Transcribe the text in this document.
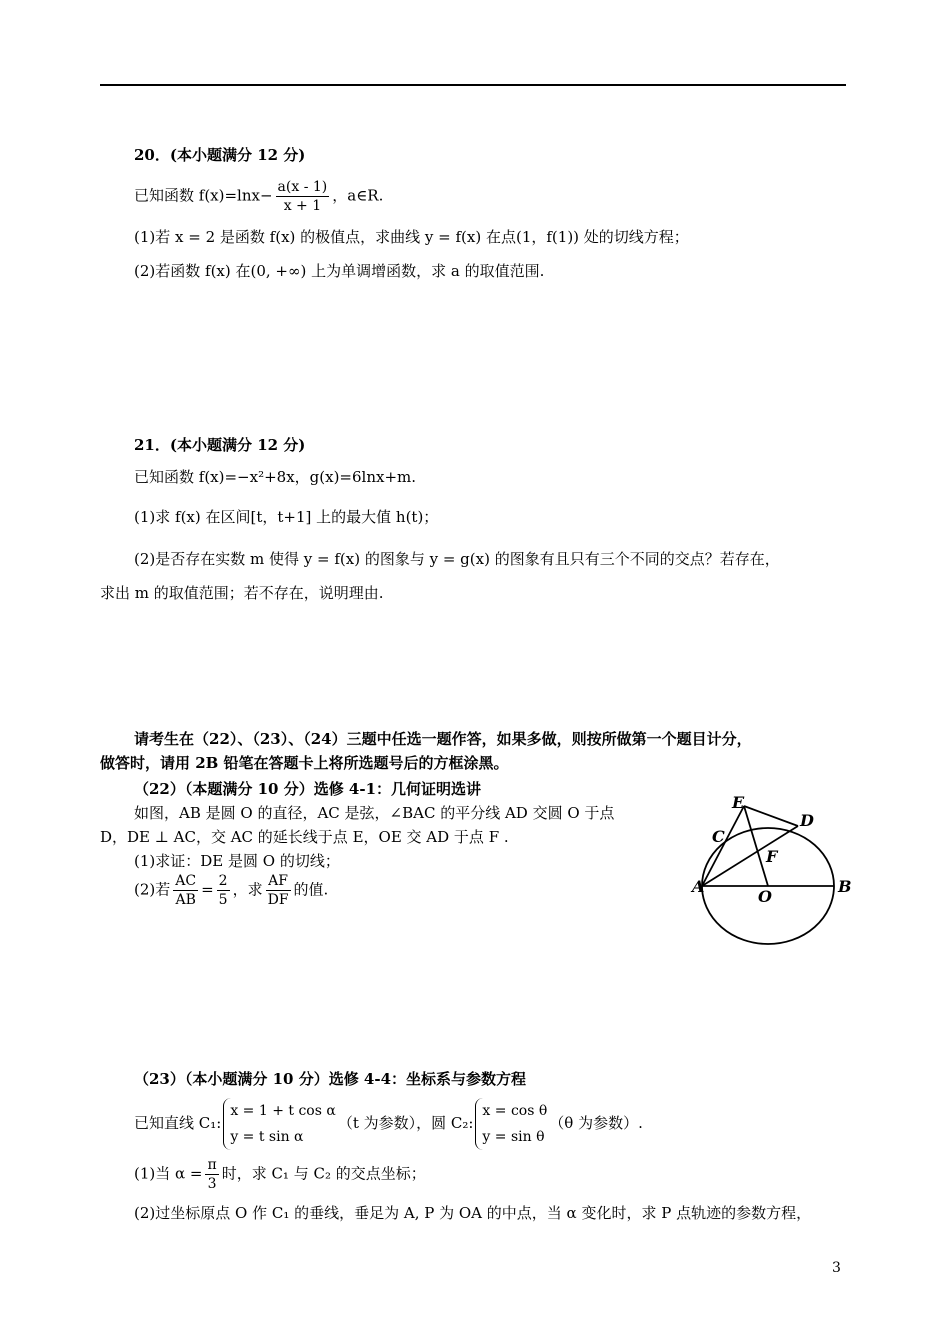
20．(本小题满分 12 分)
已知函数 $f(x)=\ln x- \frac{a(x - 1)}{x + 1}$ ，a∈R.
(1)若 x = 2 是函数 f(x) 的极值点，求曲线 y = f(x) 在点(1，f(1)) 处的切线方程；
(2)若函数 f(x) 在(0, +∞) 上为单调增函数，求 a 的取值范围.
21．(本小题满分 12 分)
已知函数 f(x)=−x²+8x，g(x)=6lnx+m.
(1)求 f(x) 在区间[t，t+1] 上的最大值 h(t)；
(2)是否存在实数 m 使得 y = f(x) 的图象与 y = g(x) 的图象有且只有三个不同的交点？若存在，
求出 m 的取值范围；若不存在，说明理由.
请考生在（22）、（23）、（24）三题中任选一题作答，如果多做，则按所做第一个题目计分，
做答时，请用 2B 铅笔在答题卡上将所选题号后的方框涂黑。
（22）（本题满分 10 分）选修 4-1：几何证明选讲
如图，AB 是圆 O 的直径，AC 是弦，∠BAC 的平分线 AD 交圆 O 于点
D，DE ⊥ AC，交 AC 的延长线于点 E，OE 交 AD 于点 F .
(1)求证：DE 是圆 O 的切线；
(2)若 $\frac{AC}{AB} = \frac{2}{5}$ ，求 $\frac{AF}{DF}$ 的值.
E
C
D
F
A
O
B
（23）（本小题满分 10 分）选修 4-4：坐标系与参数方程
已知直线 C₁:
x = 1 + t cos α
y = t sin α
（t 为参数），圆 C₂:
x = cos θ
y = sin θ
（θ 为参数）.
(1)当 $\alpha = \frac{\pi}{3}$ 时，求 C₁ 与 C₂ 的交点坐标；
(2)过坐标原点 O 作 C₁ 的垂线，垂足为 A, P 为 OA 的中点，当 α 变化时，求 P 点轨迹的参数方程，
3
